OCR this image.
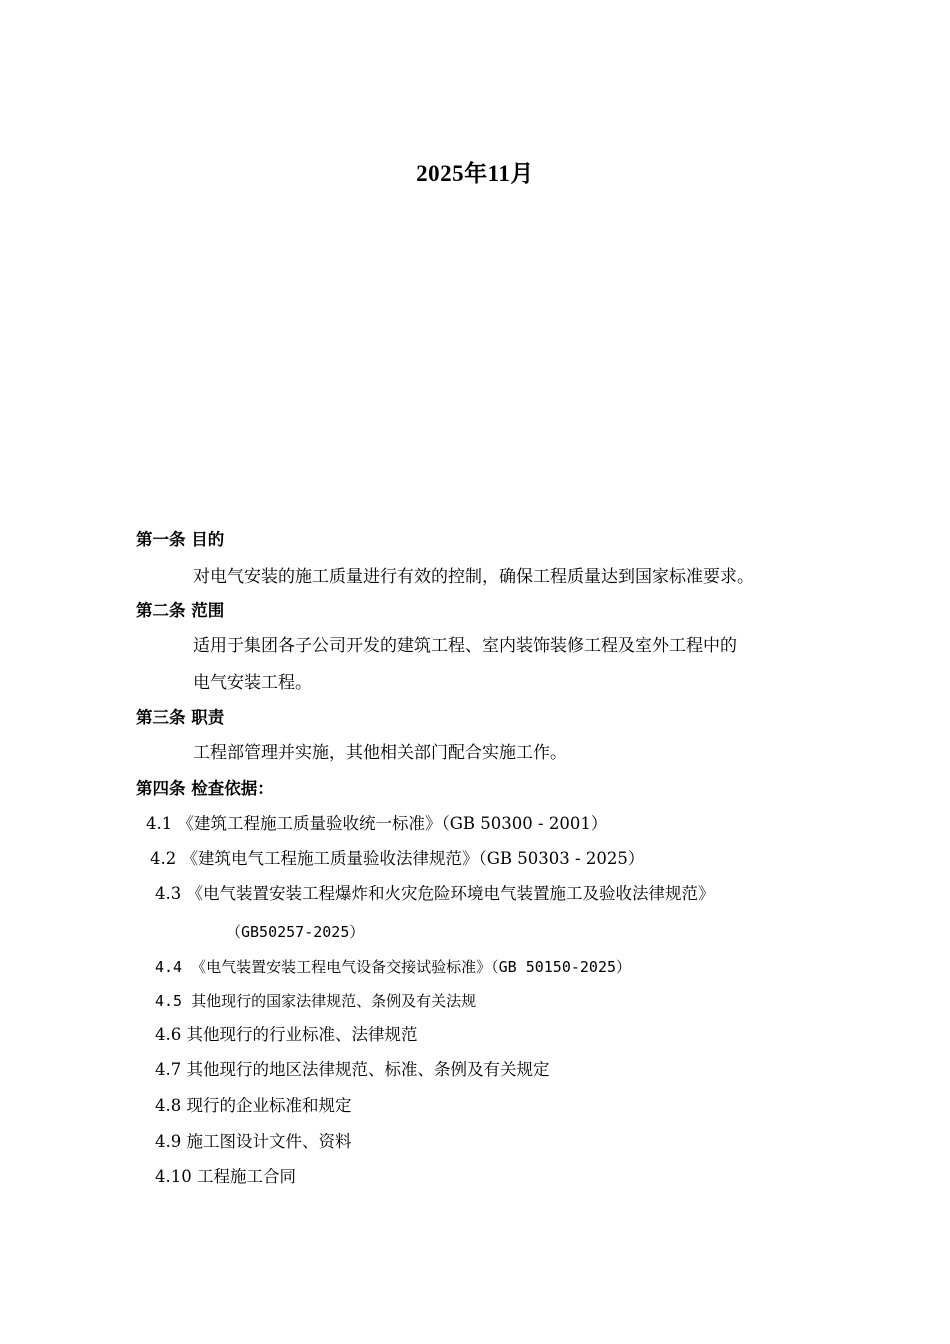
2025年11月
第一条 目的
对电气安装的施工质量进行有效的控制，确保工程质量达到国家标准要求。
第二条 范围
适用于集团各子公司开发的建筑工程、室内装饰装修工程及室外工程中的
电气安装工程。
第三条 职责
工程部管理并实施，其他相关部门配合实施工作。
第四条 检查依据：
4.1 《建筑工程施工质量验收统一标准》（GB 50300 - 2001）
4.2 《建筑电气工程施工质量验收法律规范》（GB 50303 - 2025）
4.3 《电气装置安装工程爆炸和火灾危险环境电气装置施工及验收法律规范》
（GB50257-2025）
4.4 《电气装置安装工程电气设备交接试验标准》（GB 50150-2025）
4.5 其他现行的国家法律规范、条例及有关法规
4.6 其他现行的行业标准、法律规范
4.7 其他现行的地区法律规范、标准、条例及有关规定
4.8 现行的企业标准和规定
4.9 施工图设计文件、资料
4.10 工程施工合同
